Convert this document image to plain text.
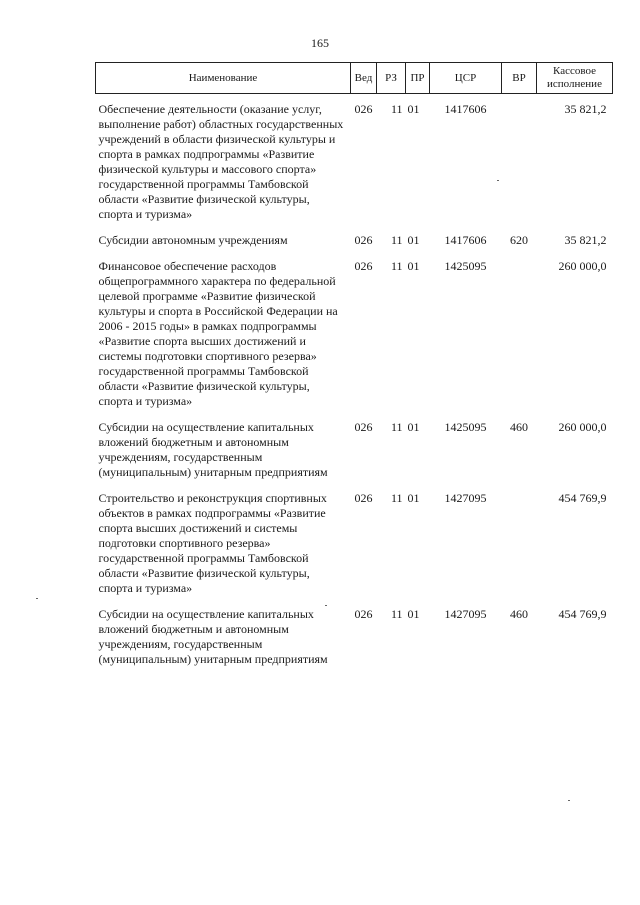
165
Наименование	Вед	РЗ	ПР	ЦСР	ВР	Кассовое исполнение
Обеспечение деятельности (оказание услуг, выполнение работ) областных государственных учреждений в области физической культуры и спорта в рамках подпрограммы «Развитие физической культуры и массового спорта» государственной программы Тамбовской области «Развитие физической культуры, спорта и туризма»	026	11	01	1417606		35 821,2
Субсидии автономным учреждениям	026	11	01	1417606	620	35 821,2
Финансовое обеспечение расходов общепрограммного характера по федеральной целевой программе «Развитие физической культуры и спорта в Российской Федерации на 2006 - 2015 годы» в рамках подпрограммы «Развитие спорта высших достижений и системы подготовки спортивного резерва» государственной программы Тамбовской области «Развитие физической культуры, спорта и туризма»	026	11	01	1425095		260 000,0
Субсидии на осуществление капитальных вложений бюджетным и автономным учреждениям, государственным (муниципальным) унитарным предприятиям	026	11	01	1425095	460	260 000,0
Строительство и реконструкция спортивных объектов в рамках подпрограммы «Развитие спорта высших достижений и системы подготовки спортивного резерва» государственной программы Тамбовской области «Развитие физической культуры, спорта и туризма»	026	11	01	1427095		454 769,9
Субсидии на осуществление капитальных вложений бюджетным и автономным учреждениям, государственным (муниципальным) унитарным предприятиям	026	11	01	1427095	460	454 769,9
